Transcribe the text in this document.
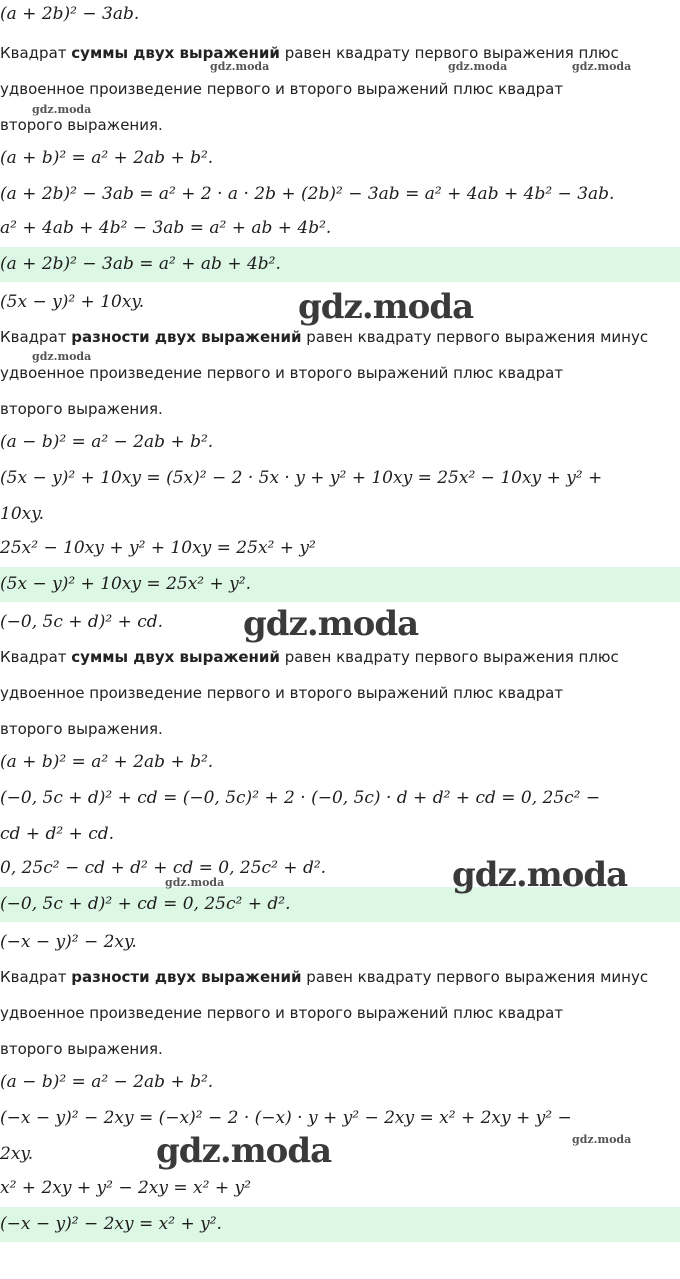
(a + 2b)² − 3ab.
Квадрат суммы двух выражений равен квадрату первого выражения плюс
удвоенное произведение первого и второго выражений плюс квадрат
второго выражения.
(a + b)² = a² + 2ab + b².
(a + 2b)² − 3ab = a² + 2 · a · 2b + (2b)² − 3ab = a² + 4ab + 4b² − 3ab.
a² + 4ab + 4b² − 3ab = a² + ab + 4b².
(a + 2b)² − 3ab = a² + ab + 4b².
(5x − y)² + 10xy.
Квадрат разности двух выражений равен квадрату первого выражения минус
удвоенное произведение первого и второго выражений плюс квадрат
второго выражения.
(a − b)² = a² − 2ab + b².
(5x − y)² + 10xy = (5x)² − 2 · 5x · y + y² + 10xy = 25x² − 10xy + y² +
10xy.
25x² − 10xy + y² + 10xy = 25x² + y²
(5x − y)² + 10xy = 25x² + y².
(−0, 5c + d)² + cd.
Квадрат суммы двух выражений равен квадрату первого выражения плюс
удвоенное произведение первого и второго выражений плюс квадрат
второго выражения.
(a + b)² = a² + 2ab + b².
(−0, 5c + d)² + cd = (−0, 5c)² + 2 · (−0, 5c) · d + d² + cd = 0, 25c² −
cd + d² + cd.
0, 25c² − cd + d² + cd = 0, 25c² + d².
(−0, 5c + d)² + cd = 0, 25c² + d².
(−x − y)² − 2xy.
Квадрат разности двух выражений равен квадрату первого выражения минус
удвоенное произведение первого и второго выражений плюс квадрат
второго выражения.
(a − b)² = a² − 2ab + b².
(−x − y)² − 2xy = (−x)² − 2 · (−x) · y + y² − 2xy = x² + 2xy + y² −
2xy.
x² + 2xy + y² − 2xy = x² + y²
(−x − y)² − 2xy = x² + y².
gdz.moda	gdz.moda	gdz.moda
gdz.moda
gdz.moda
gdz.moda
gdz.moda
gdz.moda
gdz.moda
gdz.moda
gdz.moda
